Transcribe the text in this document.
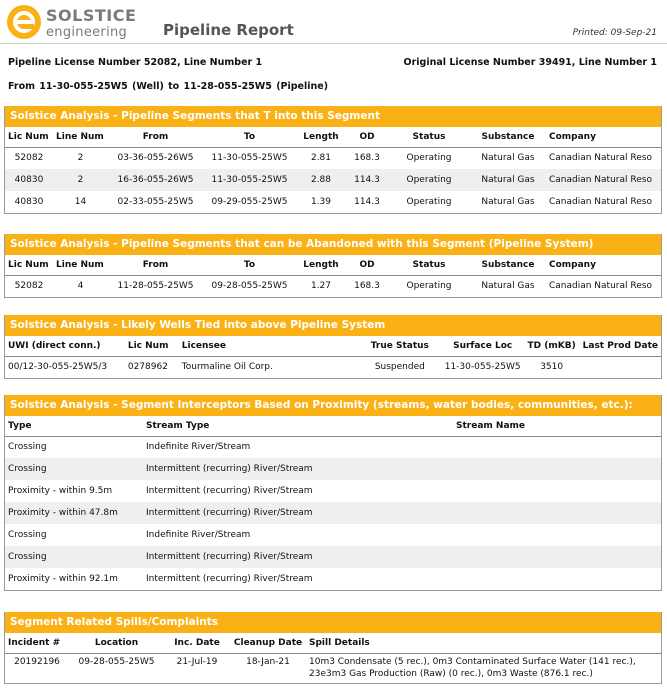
SOLSTICE
engineering Pipeline Report	Printed: 09-Sep-21
Pipeline License Number 52082, Line Number 1	Original License Number 39491, Line Number 1
From 11-30-055-25W5 (Well) to 11-28-055-25W5 (Pipeline)
Solstice Analysis - Pipeline Segments that T into this Segment
Lic Num	Line Num	From	To	Length	OD	Status	Substance	Company
52082	2	03-36-055-26W5	11-30-055-25W5	2.81	168.3	Operating	Natural Gas	Canadian Natural Reso
40830	2	16-36-055-26W5	11-30-055-25W5	2.88	114.3	Operating	Natural Gas	Canadian Natural Reso
40830	14	02-33-055-25W5	09-29-055-25W5	1.39	114.3	Operating	Natural Gas	Canadian Natural Reso
Solstice Analysis - Pipeline Segments that can be Abandoned with this Segment (Pipeline System)
Lic Num	Line Num	From	To	Length	OD	Status	Substance	Company
52082	4	11-28-055-25W5	09-28-055-25W5	1.27	168.3	Operating	Natural Gas	Canadian Natural Reso
Solstice Analysis - Likely Wells Tied into above Pipeline System
UWI (direct conn.)	Lic Num	Licensee	True Status	Surface Loc	TD (mKB)	Last Prod Date
00/12-30-055-25W5/3	0278962	Tourmaline Oil Corp.	Suspended	11-30-055-25W5	3510	
Solstice Analysis - Segment Interceptors Based on Proximity (streams, water bodies, communities, etc.):
Type	Stream Type	Stream Name
Crossing	Indefinite River/Stream	
Crossing	Intermittent (recurring) River/Stream	
Proximity - within 9.5m	Intermittent (recurring) River/Stream	
Proximity - within 47.8m	Intermittent (recurring) River/Stream	
Crossing	Indefinite River/Stream	
Crossing	Intermittent (recurring) River/Stream	
Proximity - within 92.1m	Intermittent (recurring) River/Stream	
Segment Related Spills/Complaints
Incident #	Location	Inc. Date	Cleanup Date	Spill Details
20192196	09-28-055-25W5	21-Jul-19	18-Jan-21	10m3 Condensate (5 rec.), 0m3 Contaminated Surface Water (141 rec.), 23e3m3 Gas Production (Raw) (0 rec.), 0m3 Waste (876.1 rec.)
